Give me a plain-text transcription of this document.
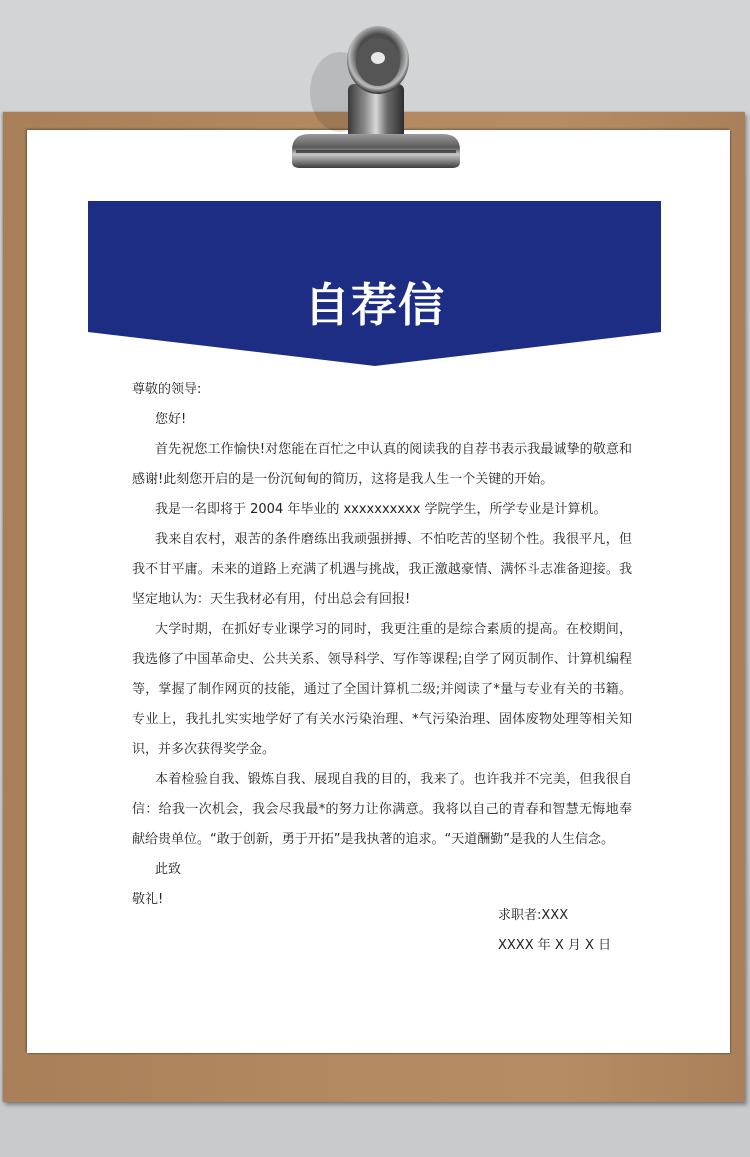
自荐信

尊敬的领导:

您好!

首先祝您工作愉快!对您能在百忙之中认真的阅读我的自荐书表示我最诚挚的敬意和感谢!此刻您开启的是一份沉甸甸的简历，这将是我人生一个关键的开始。

我是一名即将于 2004 年毕业的 xxxxxxxxxx 学院学生，所学专业是计算机。

我来自农村，艰苦的条件磨练出我顽强拼搏、不怕吃苦的坚韧个性。我很平凡，但我不甘平庸。未来的道路上充满了机遇与挑战，我正激越豪情、满怀斗志准备迎接。我坚定地认为：天生我材必有用，付出总会有回报!

大学时期，在抓好专业课学习的同时，我更注重的是综合素质的提高。在校期间，我选修了中国革命史、公共关系、领导科学、写作等课程;自学了网页制作、计算机编程等，掌握了制作网页的技能，通过了全国计算机二级;并阅读了*量与专业有关的书籍。专业上，我扎扎实实地学好了有关水污染治理、*气污染治理、固体废物处理等相关知识，并多次获得奖学金。

本着检验自我、锻炼自我、展现自我的目的，我来了。也许我并不完美，但我很自信：给我一次机会，我会尽我最*的努力让你满意。我将以自己的青春和智慧无悔地奉献给贵单位。“敢于创新，勇于开拓”是我执著的追求。“天道酬勤”是我的人生信念。

此致

敬礼!

求职者:XXX
XXXX 年 X 月 X 日
